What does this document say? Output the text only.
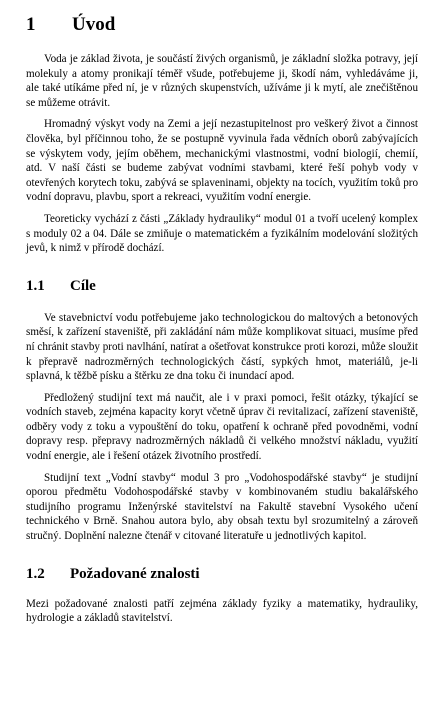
1	Úvod

Voda je základ života, je součástí živých organismů, je základní složka potravy, její molekuly a atomy pronikají téměř všude, potřebujeme ji, škodí nám, vyhledáváme ji, ale také utíkáme před ní, je v různých skupenstvích, užíváme ji k mytí, ale znečištěnou se můžeme otrávit.

Hromadný výskyt vody na Zemi a její nezastupitelnost pro veškerý život a činnost člověka, byl příčinnou toho, že se postupně vyvinula řada vědních oborů zabývajících se výskytem vody, jejím oběhem, mechanickými vlastnostmi, vodní biologií, chemií, atd. V naší části se budeme zabývat vodními stavbami, které řeší pohyb vody v otevřených korytech toku, zabývá se splaveninami, objekty na tocích, využitím toků pro vodní dopravu, plavbu, sport a rekreaci, využitím vodní energie.

Teoreticky vychází z části „Základy hydrauliky“ modul 01 a tvoří ucelený komplex s moduly 02 a 04. Dále se zmiňuje o matematickém a fyzikálním modelování složitých jevů, k nimž v přírodě dochází.

1.1	Cíle

Ve stavebnictví vodu potřebujeme jako technologickou do maltových a betonových směsí, k zařízení staveniště, při zakládání nám může komplikovat situaci, musíme před ní chránit stavby proti navlhání, natírat a ošetřovat konstrukce proti korozi, může sloužit k přepravě nadrozměrných technologických částí, sypkých hmot, materiálů, je-li splavná, k těžbě písku a štěrku ze dna toku či inundací apod.

Předložený studijní text má naučit, ale i v praxi pomoci, řešit otázky, týkající se vodních staveb, zejména kapacity koryt včetně úprav či revitalizací, zařízení staveniště, odběry vody z toku a vypouštění do toku, opatření k ochraně před povodněmi, vodní dopravy resp. přepravy nadrozměrných nákladů či velkého množství nákladu, využití vodní energie, ale i řešení otázek životního prostředí.

Studijní text „Vodní stavby“ modul 3 pro „Vodohospodářské stavby“ je studijní oporou předmětu Vodohospodářské stavby v kombinovaném studiu bakalářského studijního programu Inženýrské stavitelství na Fakultě stavební Vysokého učení technického v Brně. Snahou autora bylo, aby obsah textu byl srozumitelný a zároveň stručný. Doplnění nalezne čtenář v citované literatuře u jednotlivých kapitol.

1.2	Požadované znalosti

Mezi požadované znalosti patří zejména základy fyziky a matematiky, hydrauliky, hydrologie a základů stavitelství.
